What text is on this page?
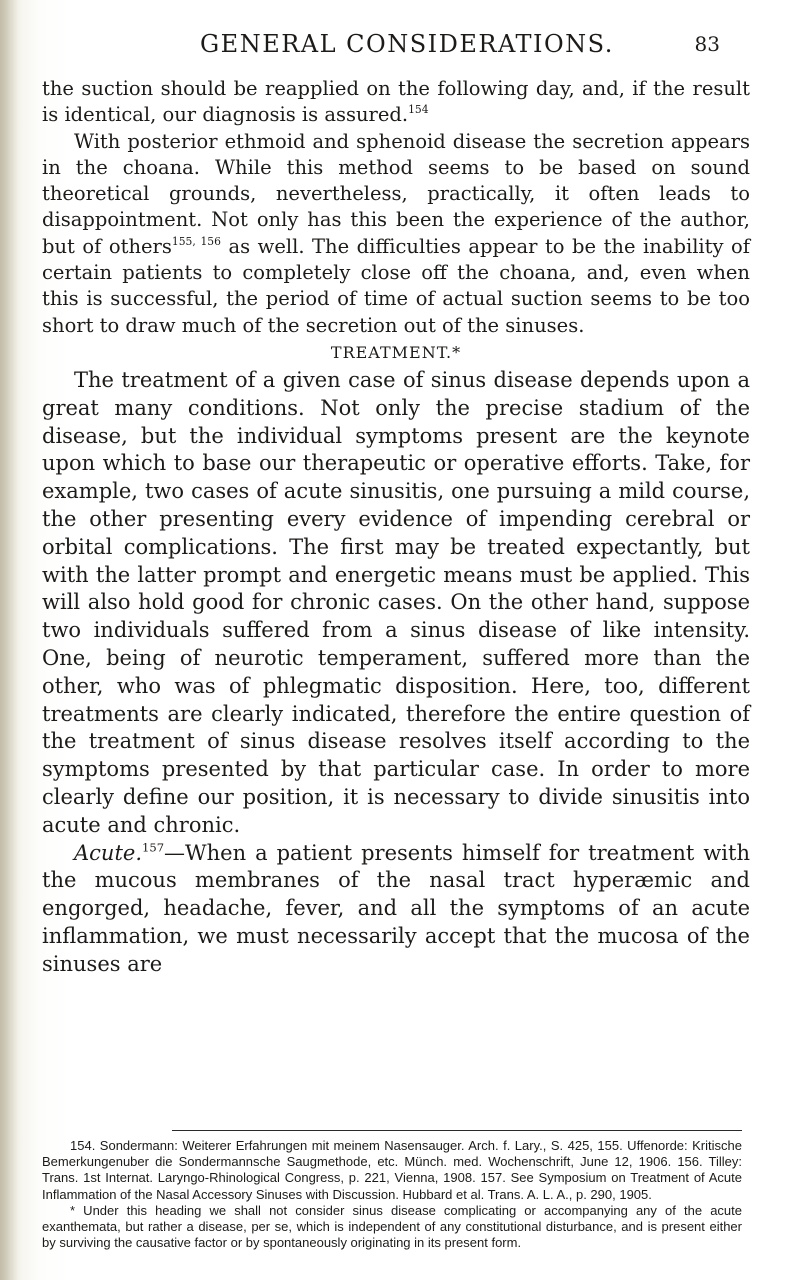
GENERAL CONSIDERATIONS.	83

the suction should be reapplied on the following day, and, if the result is identical, our diagnosis is assured.$^{154}$

With posterior ethmoid and sphenoid disease the secretion appears in the choana. While this method seems to be based on sound theoretical grounds, nevertheless, practically, it often leads to disappointment. Not only has this been the experience of the author, but of others$^{155, 156}$ as well. The difficulties appear to be the inability of certain patients to completely close off the choana, and, even when this is successful, the period of time of actual suction seems to be too short to draw much of the secretion out of the sinuses.

TREATMENT.*

The treatment of a given case of sinus disease depends upon a great many conditions. Not only the precise stadium of the disease, but the individual symptoms present are the keynote upon which to base our therapeutic or operative efforts. Take, for example, two cases of acute sinusitis, one pursuing a mild course, the other presenting every evidence of impending cerebral or orbital complications. The first may be treated expectantly, but with the latter prompt and energetic means must be applied. This will also hold good for chronic cases. On the other hand, suppose two individuals suffered from a sinus disease of like intensity. One, being of neurotic temperament, suffered more than the other, who was of phlegmatic disposition. Here, too, different treatments are clearly indicated, therefore the entire question of the treatment of sinus disease resolves itself according to the symptoms presented by that particular case. In order to more clearly define our position, it is necessary to divide sinusitis into acute and chronic.

Acute.$^{157}$—When a patient presents himself for treatment with the mucous membranes of the nasal tract hyperæmic and engorged, headache, fever, and all the symptoms of an acute inflammation, we must necessarily accept that the mucosa of the sinuses are

154. Sondermann: Weiterer Erfahrungen mit meinem Nasensauger. Arch. f. Lary., S. 425, 155. Uffenorde: Kritische Bemerkungenuber die Sondermannsche Saugmethode, etc. Münch. med. Wochenschrift, June 12, 1906. 156. Tilley: Trans. 1st Internat. Laryngo-Rhinological Congress, p. 221, Vienna, 1908. 157. See Symposium on Treatment of Acute Inflammation of the Nasal Accessory Sinuses with Discussion. Hubbard et al. Trans. A. L. A., p. 290, 1905.

* Under this heading we shall not consider sinus disease complicating or accompanying any of the acute exanthemata, but rather a disease, per se, which is independent of any constitutional disturbance, and is present either by surviving the causative factor or by spontaneously originating in its present form.
